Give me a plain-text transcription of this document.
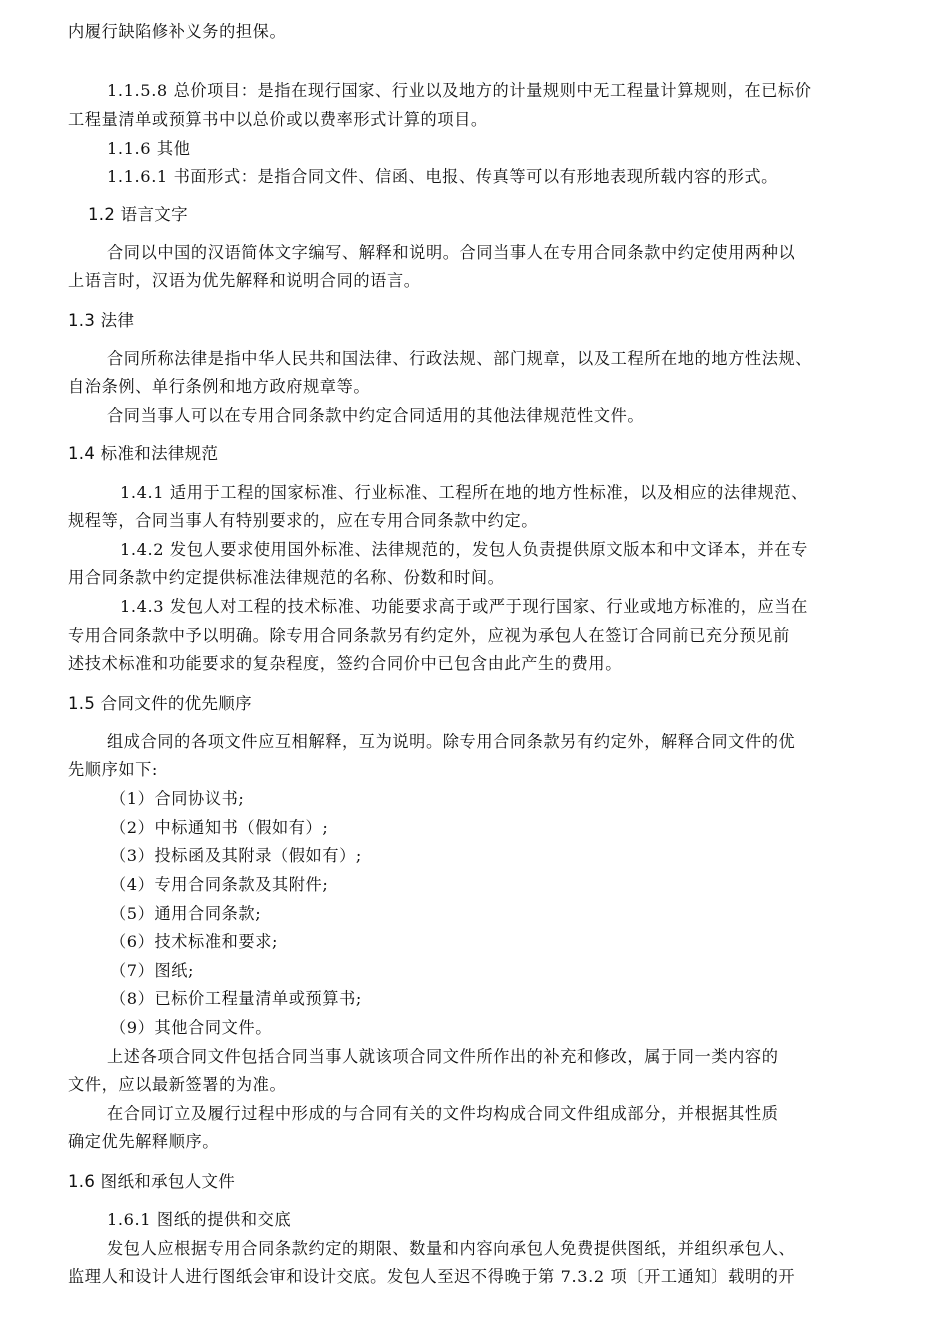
内履行缺陷修补义务的担保。

1.1.5.8 总价项目：是指在现行国家、行业以及地方的计量规则中无工程量计算规则，在已标价

工程量清单或预算书中以总价或以费率形式计算的项目。

1.1.6 其他

1.1.6.1 书面形式：是指合同文件、信函、电报、传真等可以有形地表现所载内容的形式。

1.2 语言文字

合同以中国的汉语简体文字编写、解释和说明。合同当事人在专用合同条款中约定使用两种以

上语言时，汉语为优先解释和说明合同的语言。

1.3 法律

合同所称法律是指中华人民共和国法律、行政法规、部门规章，以及工程所在地的地方性法规、

自治条例、单行条例和地方政府规章等。

合同当事人可以在专用合同条款中约定合同适用的其他法律规范性文件。

1.4 标准和法律规范

1.4.1 适用于工程的国家标准、行业标准、工程所在地的地方性标准，以及相应的法律规范、

规程等，合同当事人有特别要求的，应在专用合同条款中约定。

1.4.2 发包人要求使用国外标准、法律规范的，发包人负责提供原文版本和中文译本，并在专

用合同条款中约定提供标准法律规范的名称、份数和时间。

1.4.3 发包人对工程的技术标准、功能要求高于或严于现行国家、行业或地方标准的，应当在

专用合同条款中予以明确。除专用合同条款另有约定外，应视为承包人在签订合同前已充分预见前

述技术标准和功能要求的复杂程度，签约合同价中已包含由此产生的费用。

1.5 合同文件的优先顺序

组成合同的各项文件应互相解释，互为说明。除专用合同条款另有约定外，解释合同文件的优

先顺序如下:

（1）合同协议书;

（2）中标通知书（假如有）;

（3）投标函及其附录（假如有）;

（4）专用合同条款及其附件;

（5）通用合同条款;

（6）技术标准和要求;

（7）图纸;

（8）已标价工程量清单或预算书;

（9）其他合同文件。

上述各项合同文件包括合同当事人就该项合同文件所作出的补充和修改，属于同一类内容的

文件，应以最新签署的为准。

在合同订立及履行过程中形成的与合同有关的文件均构成合同文件组成部分，并根据其性质

确定优先解释顺序。

1.6 图纸和承包人文件

1.6.1 图纸的提供和交底

发包人应根据专用合同条款约定的期限、数量和内容向承包人免费提供图纸，并组织承包人、

监理人和设计人进行图纸会审和设计交底。发包人至迟不得晚于第 7.3.2 项〔开工通知〕载明的开
